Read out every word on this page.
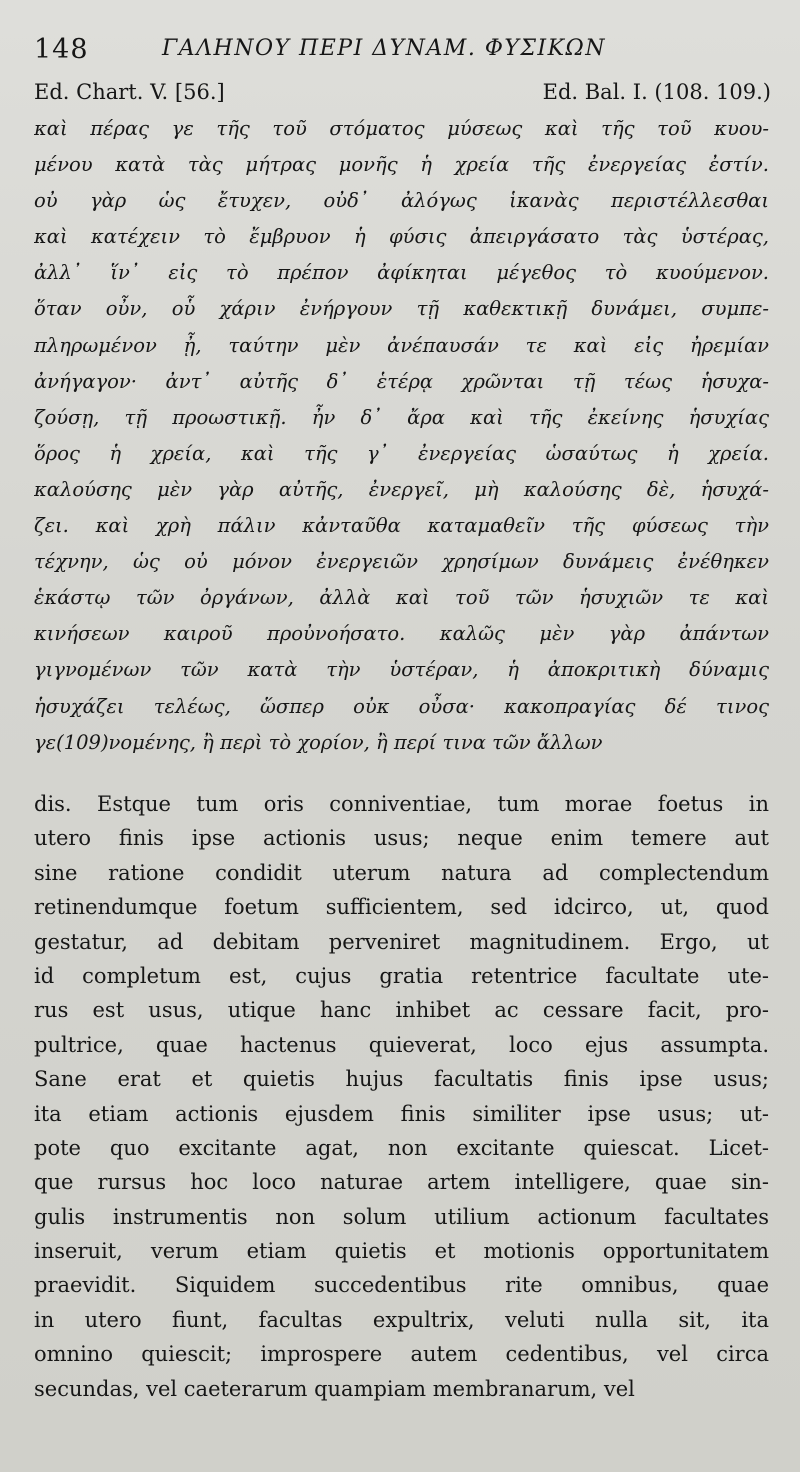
148	ΓΑΛΗΝΟΥ ΠΕΡΙ ΔΥΝΑΜ. ΦΥΣΙΚΩΝ
Ed. Chart. V. [56.]	Ed. Bal. I. (108. 109.)
καὶ πέρας γε τῆς τοῦ στόματος μύσεως καὶ τῆς τοῦ κυου-
μένου κατὰ τὰς μήτρας μονῆς ἡ χρεία τῆς ἐνεργείας ἐστίν.
οὐ γὰρ ὡς ἔτυχεν, οὐδ᾽ ἀλόγως ἱκανὰς περιστέλλεσθαι
καὶ κατέχειν τὸ ἔμβρυον ἡ φύσις ἀπειργάσατο τὰς ὑστέρας,
ἀλλ᾽ ἵν᾽ εἰς τὸ πρέπον ἀφίκηται μέγεθος τὸ κυούμενον.
ὅταν οὖν, οὗ χάριν ἐνήργουν τῇ καθεκτικῇ δυνάμει, συμπε-
πληρωμένον ᾖ, ταύτην μὲν ἀνέπαυσάν τε καὶ εἰς ἠρεμίαν
ἀνήγαγον· ἀντ᾽ αὐτῆς δ᾽ ἑτέρᾳ χρῶνται τῇ τέως ἡσυχα-
ζούσῃ, τῇ προωστικῇ. ἦν δ᾽ ἄρα καὶ τῆς ἐκείνης ἡσυχίας
ὅρος ἡ χρεία, καὶ τῆς γ᾽ ἐνεργείας ὡσαύτως ἡ χρεία.
καλούσης μὲν γὰρ αὐτῆς, ἐνεργεῖ, μὴ καλούσης δὲ, ἡσυχά-
ζει. καὶ χρὴ πάλιν κἀνταῦθα καταμαθεῖν τῆς φύσεως τὴν
τέχνην, ὡς οὐ μόνον ἐνεργειῶν χρησίμων δυνάμεις ἐνέθηκεν
ἑκάστῳ τῶν ὀργάνων, ἀλλὰ καὶ τοῦ τῶν ἡσυχιῶν τε καὶ
κινήσεων καιροῦ προὐνοήσατο. καλῶς μὲν γὰρ ἀπάντων
γιγνομένων τῶν κατὰ τὴν ὑστέραν, ἡ ἀποκριτικὴ δύναμις
ἡσυχάζει τελέως, ὥσπερ οὐκ οὖσα· κακοπραγίας δέ τινος
γε(109)νομένης, ἢ περὶ τὸ χορίον, ἢ περί τινα τῶν ἄλλων
dis. Estque tum oris conniventiae, tum morae foetus in
utero finis ipse actionis usus; neque enim temere aut
sine ratione condidit uterum natura ad complectendum
retinendumque foetum sufficientem, sed idcirco, ut, quod
gestatur, ad debitam perveniret magnitudinem. Ergo, ut
id completum est, cujus gratia retentrice facultate ute-
rus est usus, utique hanc inhibet ac cessare facit, pro-
pultrice, quae hactenus quieverat, loco ejus assumpta.
Sane erat et quietis hujus facultatis finis ipse usus;
ita etiam actionis ejusdem finis similiter ipse usus; ut-
pote quo excitante agat, non excitante quiescat. Licet-
que rursus hoc loco naturae artem intelligere, quae sin-
gulis instrumentis non solum utilium actionum facultates
inseruit, verum etiam quietis et motionis opportunitatem
praevidit. Siquidem succedentibus rite omnibus, quae
in utero fiunt, facultas expultrix, veluti nulla sit, ita
omnino quiescit; improspere autem cedentibus, vel circa
secundas, vel caeterarum quampiam membranarum, vel
